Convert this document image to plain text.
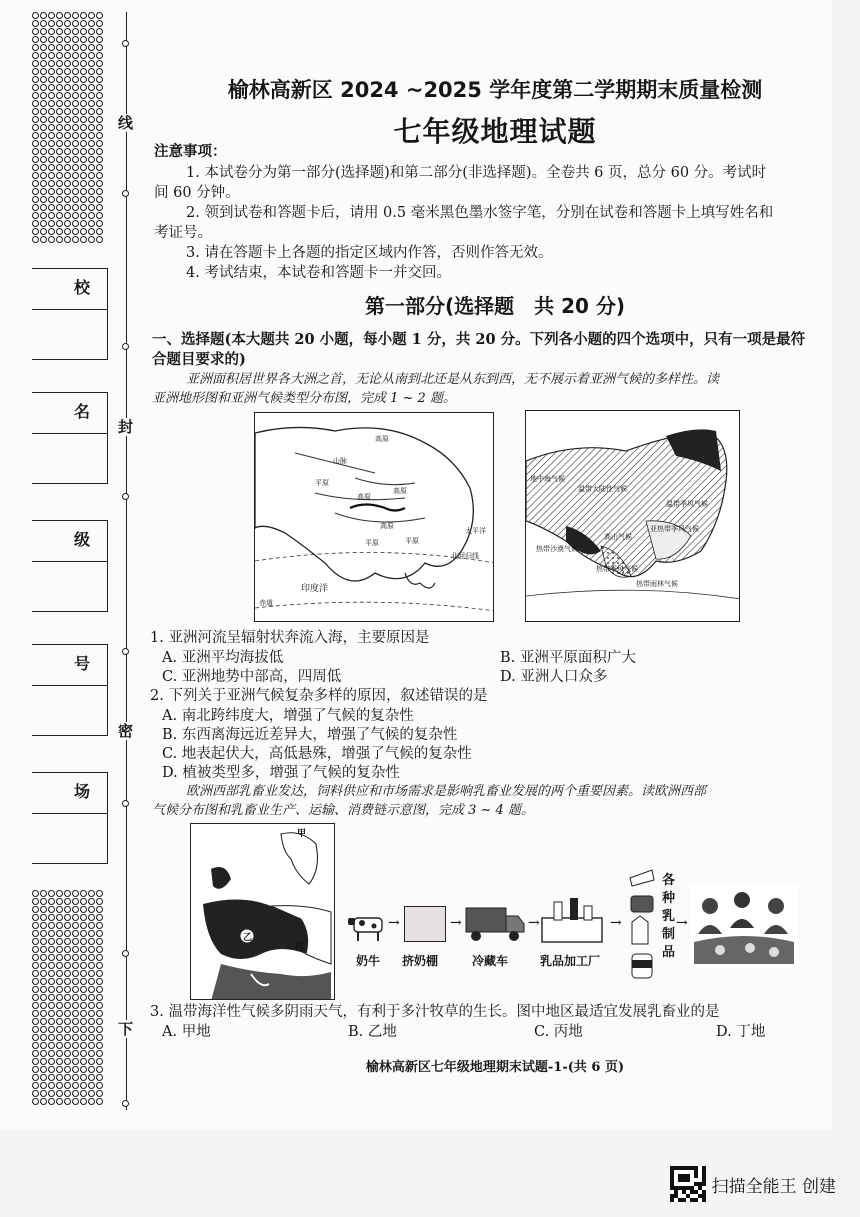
线
封
密
下
校
名
级
号
场
榆林高新区 2024 ~2025 学年度第二学期期末质量检测
七年级地理试题
注意事项：
1. 本试卷分为第一部分(选择题)和第二部分(非选择题)。全卷共 6 页，总分 60 分。考试时
间 60 分钟。
2. 领到试卷和答题卡后，请用 0.5 毫米黑色墨水签字笔，分别在试卷和答题卡上填写姓名和
考证号。
3. 请在答题卡上各题的指定区域内作答，否则作答无效。
4. 考试结束，本试卷和答题卡一并交回。
第一部分(选择题　共 20 分)
一、选择题(本大题共 20 小题，每小题 1 分，共 20 分。下列各小题的四个选项中，只有一项是最符
合题目要求的)
亚洲面积居世界各大洲之首，无论从南到北还是从东到西，无不展示着亚洲气候的多样性。读
亚洲地形图和亚洲气候类型分布图，完成 1 ~ 2 题。
高原
山脉
平原
高原
高原
高原
平原	平原
印度洋
太平洋
赤道
北回归线
温带大陆性气候
地中海气候
亚热带季风气候
热带季风气候
高山气候
热带雨林气候
热带沙漠气候
温带季风气候
1. 亚洲河流呈辐射状奔流入海，主要原因是
A. 亚洲平均海拔低	B. 亚洲平原面积广大
C. 亚洲地势中部高，四周低	D. 亚洲人口众多
2. 下列关于亚洲气候复杂多样的原因，叙述错误的是
A. 南北跨纬度大，增强了气候的复杂性
B. 东西离海远近差异大，增强了气候的复杂性
C. 地表起伏大，高低悬殊，增强了气候的复杂性
D. 植被类型多，增强了气候的复杂性
欧洲西部乳畜业发达，饲料供应和市场需求是影响乳畜业发展的两个重要因素。读欧洲西部
气候分布图和乳畜业生产、运输、消费链示意图，完成 3 ~ 4 题。
乙
甲
丙
丁	奶牛
→
挤奶棚
→
冷藏车
→
乳品加工厂
→
各
种
乳
制
品
→
3. 温带海洋性气候多阴雨天气，有利于多汁牧草的生长。图中地区最适宜发展乳畜业的是
A. 甲地	B. 乙地	C. 丙地	D. 丁地
榆林高新区七年级地理期末试题-1-(共 6 页)
扫描全能王 创建
